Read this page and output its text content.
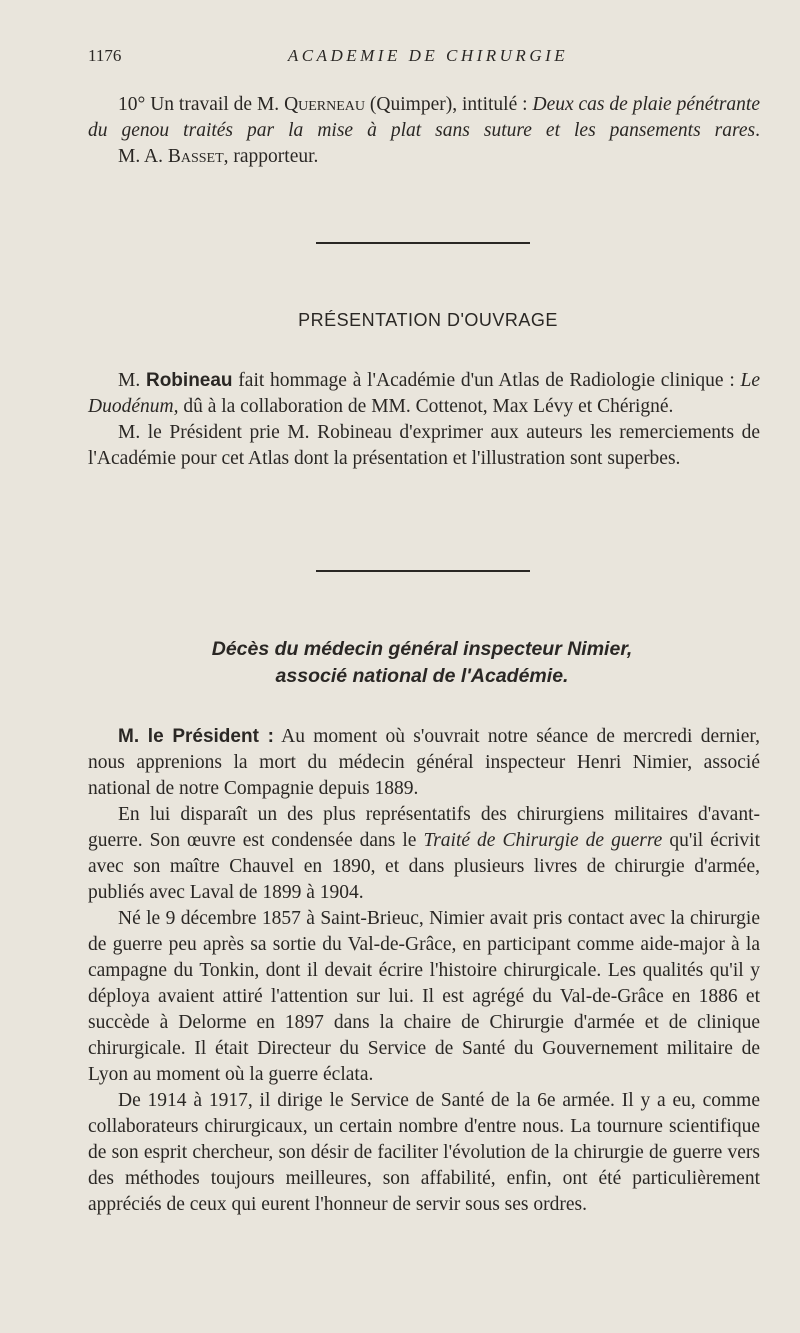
1176	ACADEMIE DE CHIRURGIE

10° Un travail de M. Querneau (Quimper), intitulé : Deux cas de plaie pénétrante du genou traités par la mise à plat sans suture et les pansements rares.

M. A. Basset, rapporteur.

PRÉSENTATION D'OUVRAGE

M. Robineau fait hommage à l'Académie d'un Atlas de Radiologie clinique : Le Duodénum, dû à la collaboration de MM. Cottenot, Max Lévy et Chérigné.

M. le Président prie M. Robineau d'exprimer aux auteurs les remerciements de l'Académie pour cet Atlas dont la présentation et l'illustration sont superbes.

Décès du médecin général inspecteur Nimier,
associé national de l'Académie.

M. le Président : Au moment où s'ouvrait notre séance de mercredi dernier, nous apprenions la mort du médecin général inspecteur Henri Nimier, associé national de notre Compagnie depuis 1889.

En lui disparaît un des plus représentatifs des chirurgiens militaires d'avant-guerre. Son œuvre est condensée dans le Traité de Chirurgie de guerre qu'il écrivit avec son maître Chauvel en 1890, et dans plusieurs livres de chirurgie d'armée, publiés avec Laval de 1899 à 1904.

Né le 9 décembre 1857 à Saint-Brieuc, Nimier avait pris contact avec la chirurgie de guerre peu après sa sortie du Val-de-Grâce, en participant comme aide-major à la campagne du Tonkin, dont il devait écrire l'histoire chirurgicale. Les qualités qu'il y déploya avaient attiré l'attention sur lui. Il est agrégé du Val-de-Grâce en 1886 et succède à Delorme en 1897 dans la chaire de Chirurgie d'armée et de clinique chirurgicale. Il était Directeur du Service de Santé du Gouvernement militaire de Lyon au moment où la guerre éclata.

De 1914 à 1917, il dirige le Service de Santé de la 6e armée. Il y a eu, comme collaborateurs chirurgicaux, un certain nombre d'entre nous. La tournure scientifique de son esprit chercheur, son désir de faciliter l'évolution de la chirurgie de guerre vers des méthodes toujours meilleures, son affabilité, enfin, ont été particulièrement appréciés de ceux qui eurent l'honneur de servir sous ses ordres.
